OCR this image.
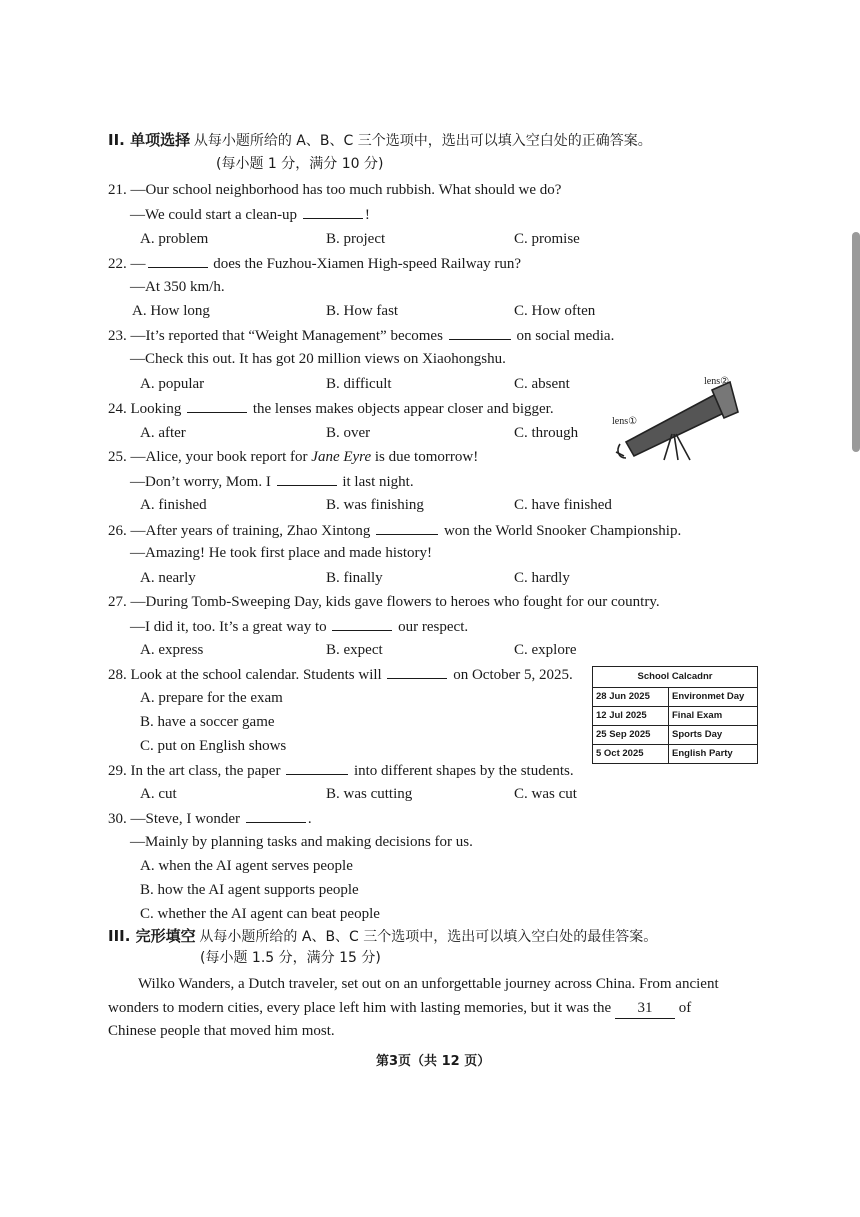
II. 单项选择 从每小题所给的 A、B、C 三个选项中，选出可以填入空白处的正确答案。
(每小题 1 分，满分 10 分)
21. —Our school neighborhood has too much rubbish. What should we do?
—We could start a clean-up	!
A. problem	B. project	C. promise
22. —	does the Fuzhou-Xiamen High-speed Railway run?
—At 350 km/h.
A. How long	B. How fast	C. How often
23. —It’s reported that “Weight Management” becomes	on social media.
—Check this out. It has got 20 million views on Xiaohongshu.
A. popular	B. difficult	C. absent
24. Looking	the lenses makes objects appear closer and bigger.
A. after	B. over	C. through
lens①
lens②
25. —Alice, your book report for Jane Eyre is due tomorrow!
—Don’t worry, Mom. I	it last night.
A. finished	B. was finishing	C. have finished
26. —After years of training, Zhao Xintong	won the World Snooker Championship.
—Amazing! He took first place and made history!
A. nearly	B. finally	C. hardly
27. —During Tomb-Sweeping Day, kids gave flowers to heroes who fought for our country.
—I did it, too. It’s a great way to	our respect.
A. express	B. expect	C. explore
28. Look at the school calendar. Students will	on October 5, 2025.
A. prepare for the exam
B. have a soccer game
C. put on English shows
School Calcadnr
28 Jun 2025	Environmet Day
12 Jul 2025	Final Exam
25 Sep 2025	Sports Day
5 Oct 2025	English Party
29. In the art class, the paper	into different shapes by the students.
A. cut	B. was cutting	C. was cut
30. —Steve, I wonder	.
—Mainly by planning tasks and making decisions for us.
A. when the AI agent serves people
B. how the AI agent supports people
C. whether the AI agent can beat people
III. 完形填空 从每小题所给的 A、B、C 三个选项中，选出可以填入空白处的最佳答案。
(每小题 1.5 分，满分 15 分)
Wilko Wanders, a Dutch traveler, set out on an unforgettable journey across China. From ancient
wonders to modern cities, every place left him with lasting memories, but it was the 31 of
Chinese people that moved him most.
第3页（共 12 页）
